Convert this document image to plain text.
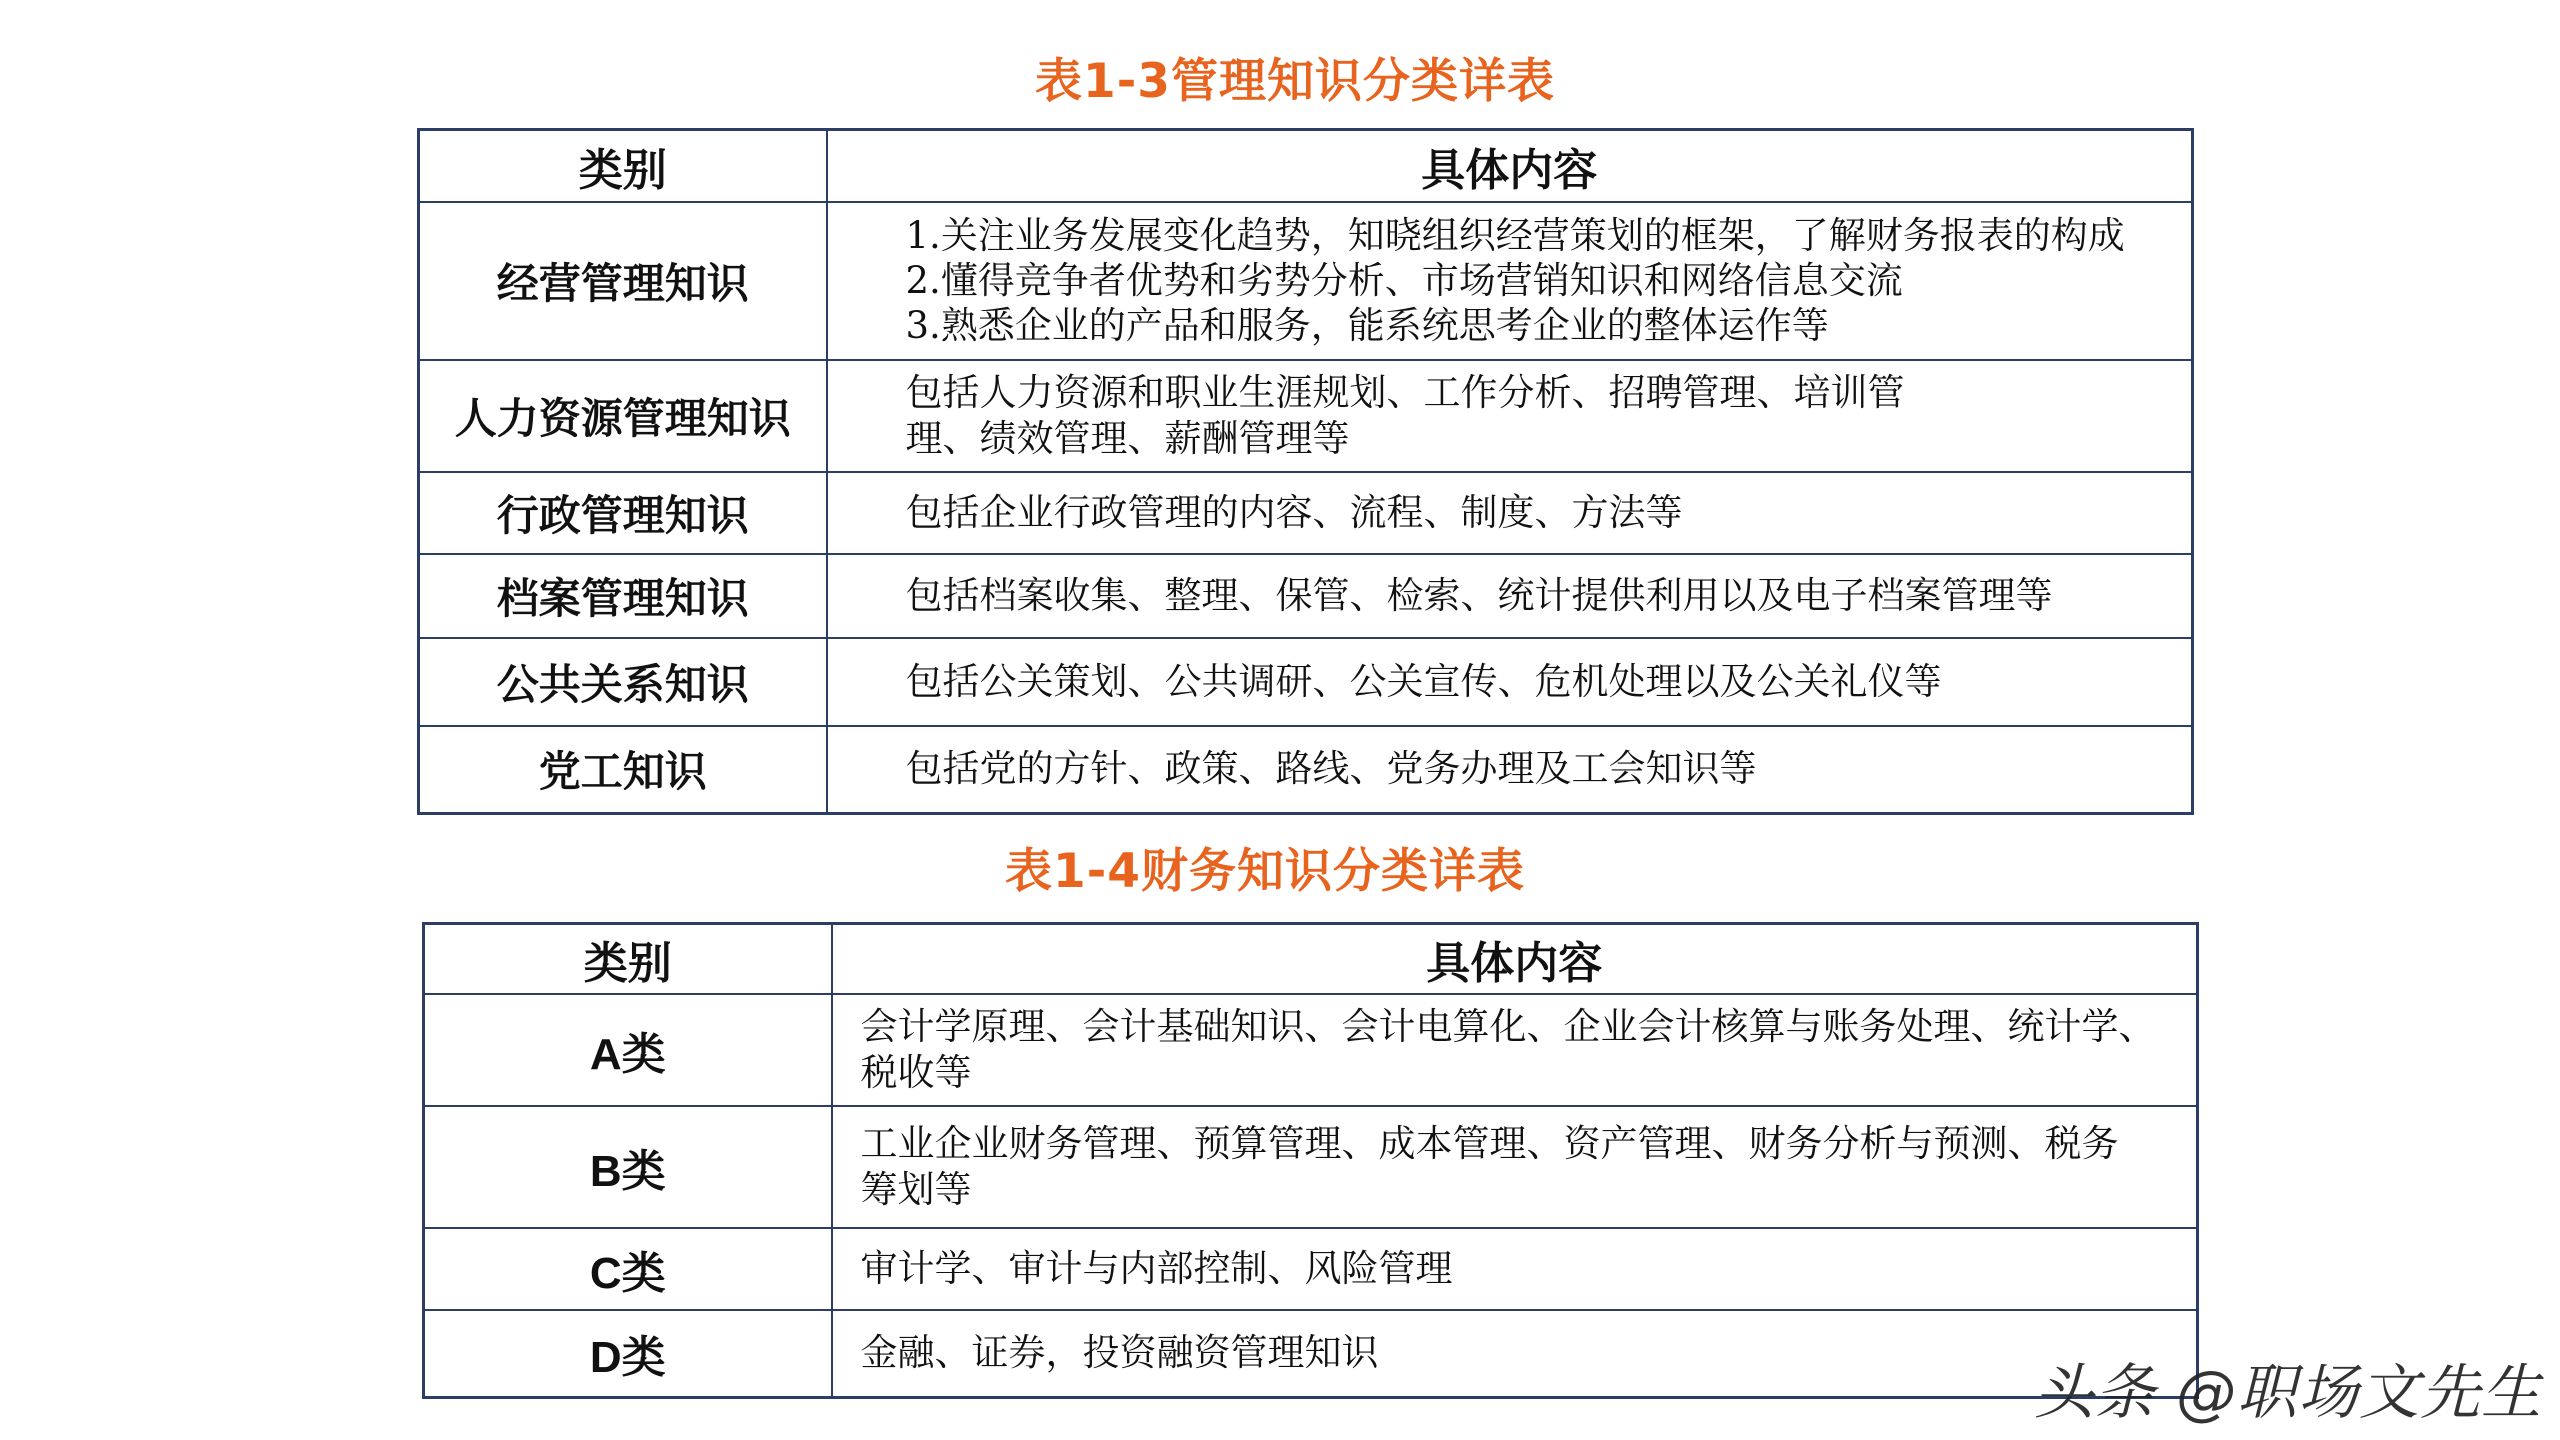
表1-3管理知识分类详表
类别	具体内容
经营管理知识	1.关注业务发展变化趋势，知晓组织经营策划的框架，了解财务报表的构成
2.懂得竞争者优势和劣势分析、市场营销知识和网络信息交流
3.熟悉企业的产品和服务，能系统思考企业的整体运作等

人力资源管理知识	包括人力资源和职业生涯规划、工作分析、招聘管理、培训管
理、绩效管理、薪酬管理等

行政管理知识	包括企业行政管理的内容、流程、制度、方法等
档案管理知识	包括档案收集、整理、保管、检索、统计提供利用以及电子档案管理等
公共关系知识	包括公关策划、公共调研、公关宣传、危机处理以及公关礼仪等
党工知识	包括党的方针、政策、路线、党务办理及工会知识等
表1-4财务知识分类详表
类别	具体内容
A类	会计学原理、会计基础知识、会计电算化、企业会计核算与账务处理、统计学、
税收等

B类	工业企业财务管理、预算管理、成本管理、资产管理、财务分析与预测、税务
筹划等

C类	审计学、审计与内部控制、风险管理
D类	金融、证券，投资融资管理知识
头条 @职场文先生
